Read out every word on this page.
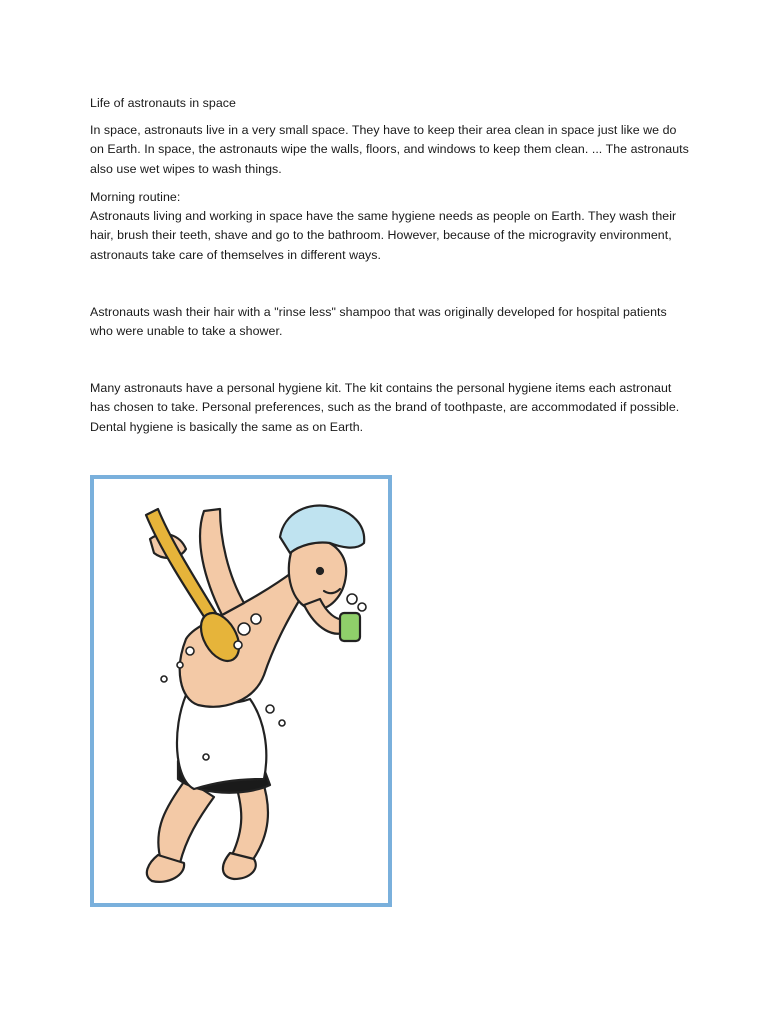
Life of astronauts in space

In space, astronauts live in a very small space. They have to keep their area clean in space just like we do on Earth. In space, the astronauts wipe the walls, floors, and windows to keep them clean. ... The astronauts also use wet wipes to wash things.

Morning routine:

Astronauts living and working in space have the same hygiene needs as people on Earth. They wash their hair, brush their teeth, shave and go to the bathroom. However, because of the microgravity environment, astronauts take care of themselves in different ways.

Astronauts wash their hair with a "rinse less" shampoo that was originally developed for hospital patients who were unable to take a shower.

Many astronauts have a personal hygiene kit. The kit contains the personal hygiene items each astronaut has chosen to take. Personal preferences, such as the brand of toothpaste, are accommodated if possible. Dental hygiene is basically the same as on Earth.
